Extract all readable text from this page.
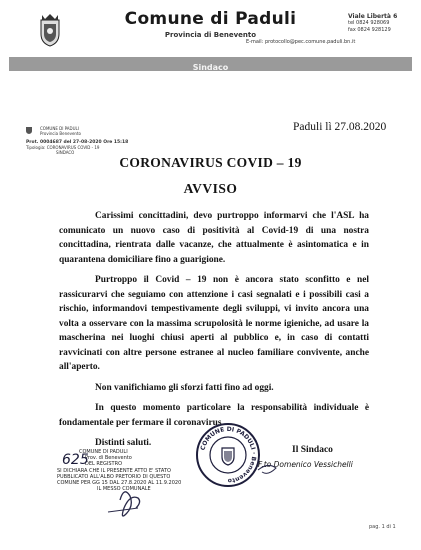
Comune di Paduli
Provincia di Benevento
Viale Libertà 6
tel 0824 928069
fax 0824 928129
E-mail: protocollo@pec.comune.paduli.bn.it
Sindaco
COMUNE DI PADULI
Provincia Benevento
Prot. 0004687 del 27-08-2020 Ore 15:18
Tipologia: CORONAVIRUS COVID - 19
SINDACO
Paduli lì 27.08.2020
CORONAVIRUS COVID – 19
AVVISO

Carissimi concittadini, devo purtroppo informarvi che l'ASL ha comunicato un nuovo caso di positività al Covid-19 di una nostra concittadina, rientrata dalle vacanze, che attualmente è asintomatica e in quarantena domiciliare fino a guarigione.

Purtroppo il Covid – 19 non è ancora stato sconfitto e nel rassicurarvi che seguiamo con attenzione i casi segnalati e i possibili casi a rischio, informandovi tempestivamente degli sviluppi, vi invito ancora una volta a osservare con la massima scrupolosità le norme igieniche, ad usare la mascherina nei luoghi chiusi aperti al pubblico e, in caso di contatti ravvicinati con altre persone estranee al nucleo familiare convivente, anche all'aperto.

Non vanifichiamo gli sforzi fatti fino ad oggi.

In questo momento particolare la responsabilità individuale è fondamentale per fermare il coronavirus.

Distinti saluti.

COMUNE DI PADULI
Prov. di Benevento
DEL REGISTRO
SI DICHIARA CHE IL PRESENTE ATTO E' STATO
PUBBLICATO ALL'ALBO PRETORIO DI QUESTO
COMUNE PER GG 15 DAL 27.8.2020 AL 11.9.2020
IL MESSO COMUNALE
625
COMUNE DI PADULI · Benevento
Il Sindaco
F.to Domenico Vessichelli
pag. 1 di 1
